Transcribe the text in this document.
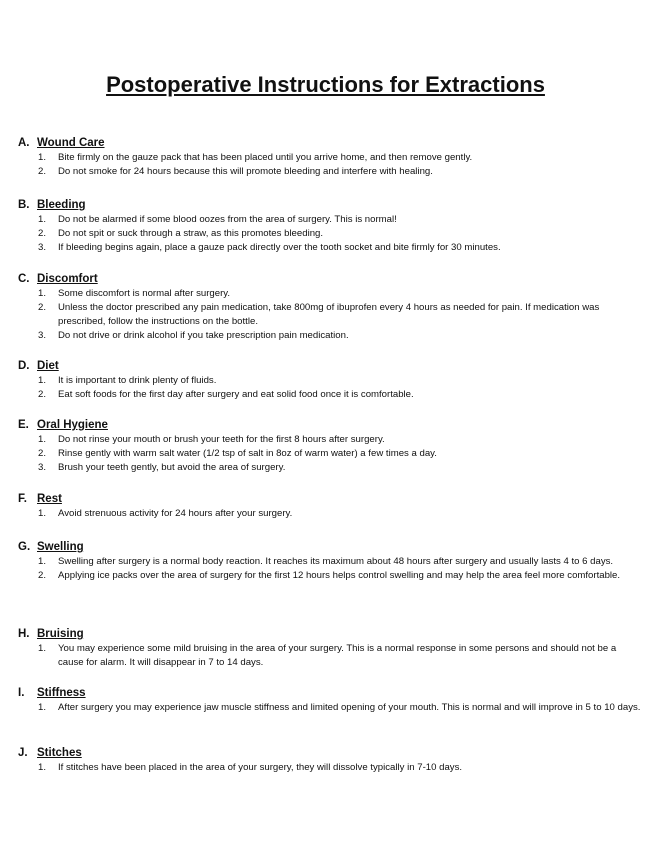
Postoperative Instructions for Extractions
A. Wound Care
1. Bite firmly on the gauze pack that has been placed until you arrive home, and then remove gently.
2. Do not smoke for 24 hours because this will promote bleeding and interfere with healing.
B. Bleeding
1. Do not be alarmed if some blood oozes from the area of surgery. This is normal!
2. Do not spit or suck through a straw, as this promotes bleeding.
3. If bleeding begins again, place a gauze pack directly over the tooth socket and bite firmly for 30 minutes.
C. Discomfort
1. Some discomfort is normal after surgery.
2. Unless the doctor prescribed any pain medication, take 800mg of ibuprofen every 4 hours as needed for pain. If medication was prescribed, follow the instructions on the bottle.
3. Do not drive or drink alcohol if you take prescription pain medication.
D. Diet
1. It is important to drink plenty of fluids.
2. Eat soft foods for the first day after surgery and eat solid food once it is comfortable.
E. Oral Hygiene
1. Do not rinse your mouth or brush your teeth for the first 8 hours after surgery.
2. Rinse gently with warm salt water (1/2 tsp of salt in 8oz of warm water) a few times a day.
3. Brush your teeth gently, but avoid the area of surgery.
F. Rest
1. Avoid strenuous activity for 24 hours after your surgery.
G. Swelling
1. Swelling after surgery is a normal body reaction. It reaches its maximum about 48 hours after surgery and usually lasts 4 to 6 days.
2. Applying ice packs over the area of surgery for the first 12 hours helps control swelling and may help the area feel more comfortable.
H. Bruising
1. You may experience some mild bruising in the area of your surgery. This is a normal response in some persons and should not be a cause for alarm. It will disappear in 7 to 14 days.
I. Stiffness
1. After surgery you may experience jaw muscle stiffness and limited opening of your mouth. This is normal and will improve in 5 to 10 days.
J. Stitches
1. If stitches have been placed in the area of your surgery, they will dissolve typically in 7-10 days.
